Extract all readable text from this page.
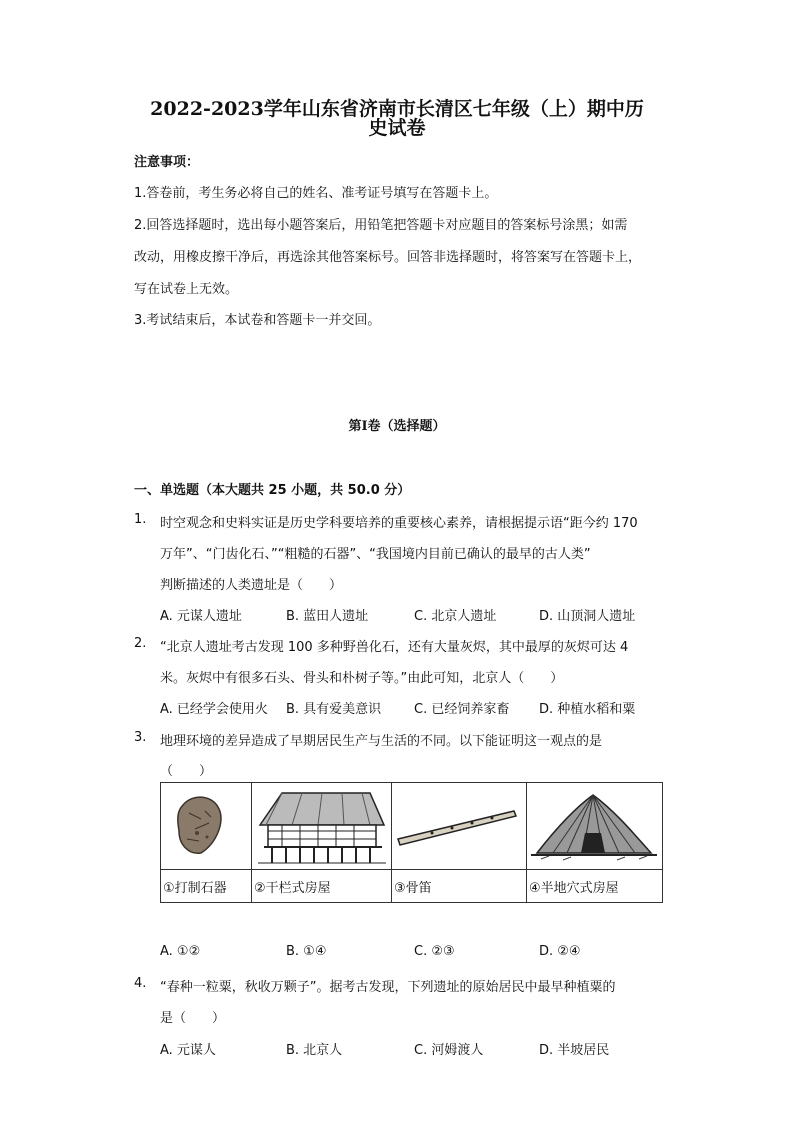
2022-2023学年山东省济南市长清区七年级（上）期中历
史试卷
注意事项：
1.答卷前，考生务必将自己的姓名、准考证号填写在答题卡上。
2.回答选择题时，选出每小题答案后，用铅笔把答题卡对应题目的答案标号涂黑；如需
改动，用橡皮擦干净后，再选涂其他答案标号。回答非选择题时，将答案写在答题卡上，
写在试卷上无效。
3.考试结束后，本试卷和答题卡一并交回。
第I卷（选择题）
一、单选题（本大题共 25 小题，共 50.0 分）
1. 时空观念和史料实证是历史学科要培养的重要核心素养，请根据提示语“距今约 170
万年”、“门齿化石、”“粗糙的石器”、“我国境内目前已确认的最早的古人类”
判断描述的人类遗址是（　　）
A. 元谋人遗址	B. 蓝田人遗址	C. 北京人遗址	D. 山顶洞人遗址
2. “北京人遗址考古发现 100 多种野兽化石，还有大量灰烬，其中最厚的灰烬可达 4
米。灰烬中有很多石头、骨头和朴树子等。”由此可知，北京人（　　）
A. 已经学会使用火 B. 具有爱美意识	C. 已经饲养家畜 D. 种植水稻和粟
3. 地理环境的差异造成了早期居民生产与生活的不同。以下能证明这一观点的是
（　　）

①打制石器	②干栏式房屋	③骨笛	④半地穴式房屋
A. ①②	B. ①④	C. ②③	D. ②④
4. “春种一粒粟，秋收万颗子”。据考古发现，下列遗址的原始居民中最早种植粟的
是（　　）
A. 元谋人	B. 北京人	C. 河姆渡人	D. 半坡居民
